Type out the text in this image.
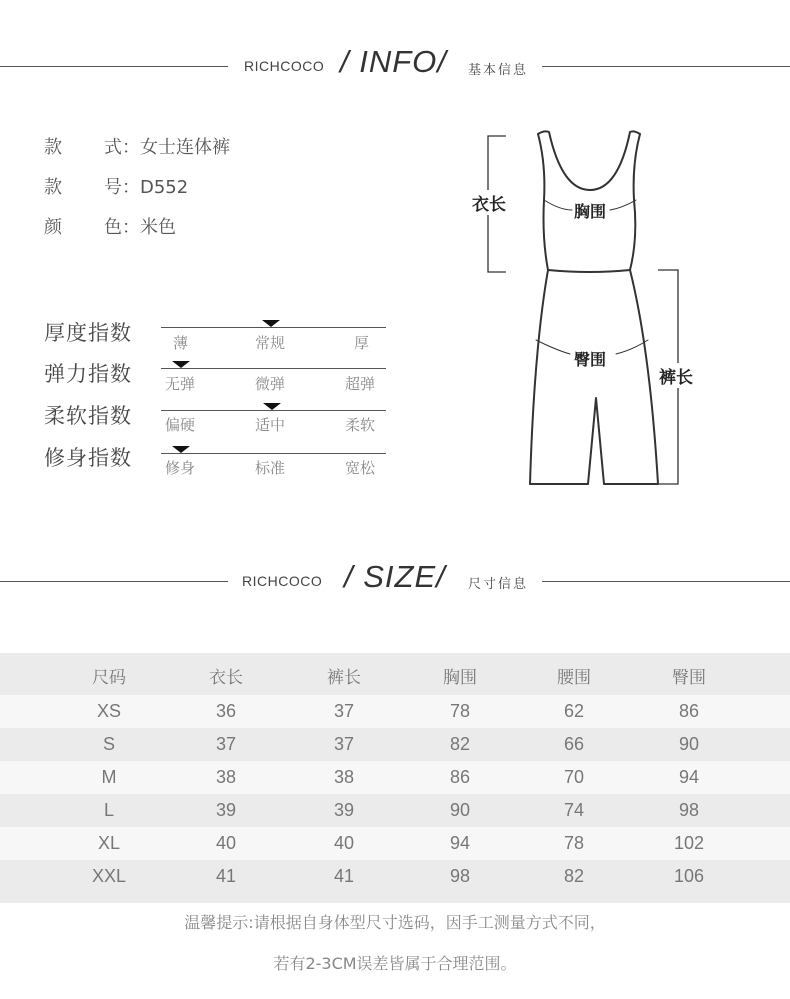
RICHCOCO / INFO/ 基本信息
款 式：女士连体裤
款 号：D552
颜 色：米色
厚度指数	薄	常规	厚
弹力指数 无弹	微弹	超弹
柔软指数 偏硬	适中	柔软
修身指数 修身	标准	宽松
衣长	胸围
臀围
裤长
RICHCOCO / SIZE/ 尺寸信息
尺码	衣长	裤长	胸围	腰围	臀围
XS	36	37	78	62	86
S	37	37	82	66	90
M	38	38	86	70	94
L	39	39	90	74	98
XL	40	40	94	78	102
XXL	41	41	98	82	106
温馨提示:请根据自身体型尺寸选码，因手工测量方式不同，
若有2-3CM误差皆属于合理范围。
